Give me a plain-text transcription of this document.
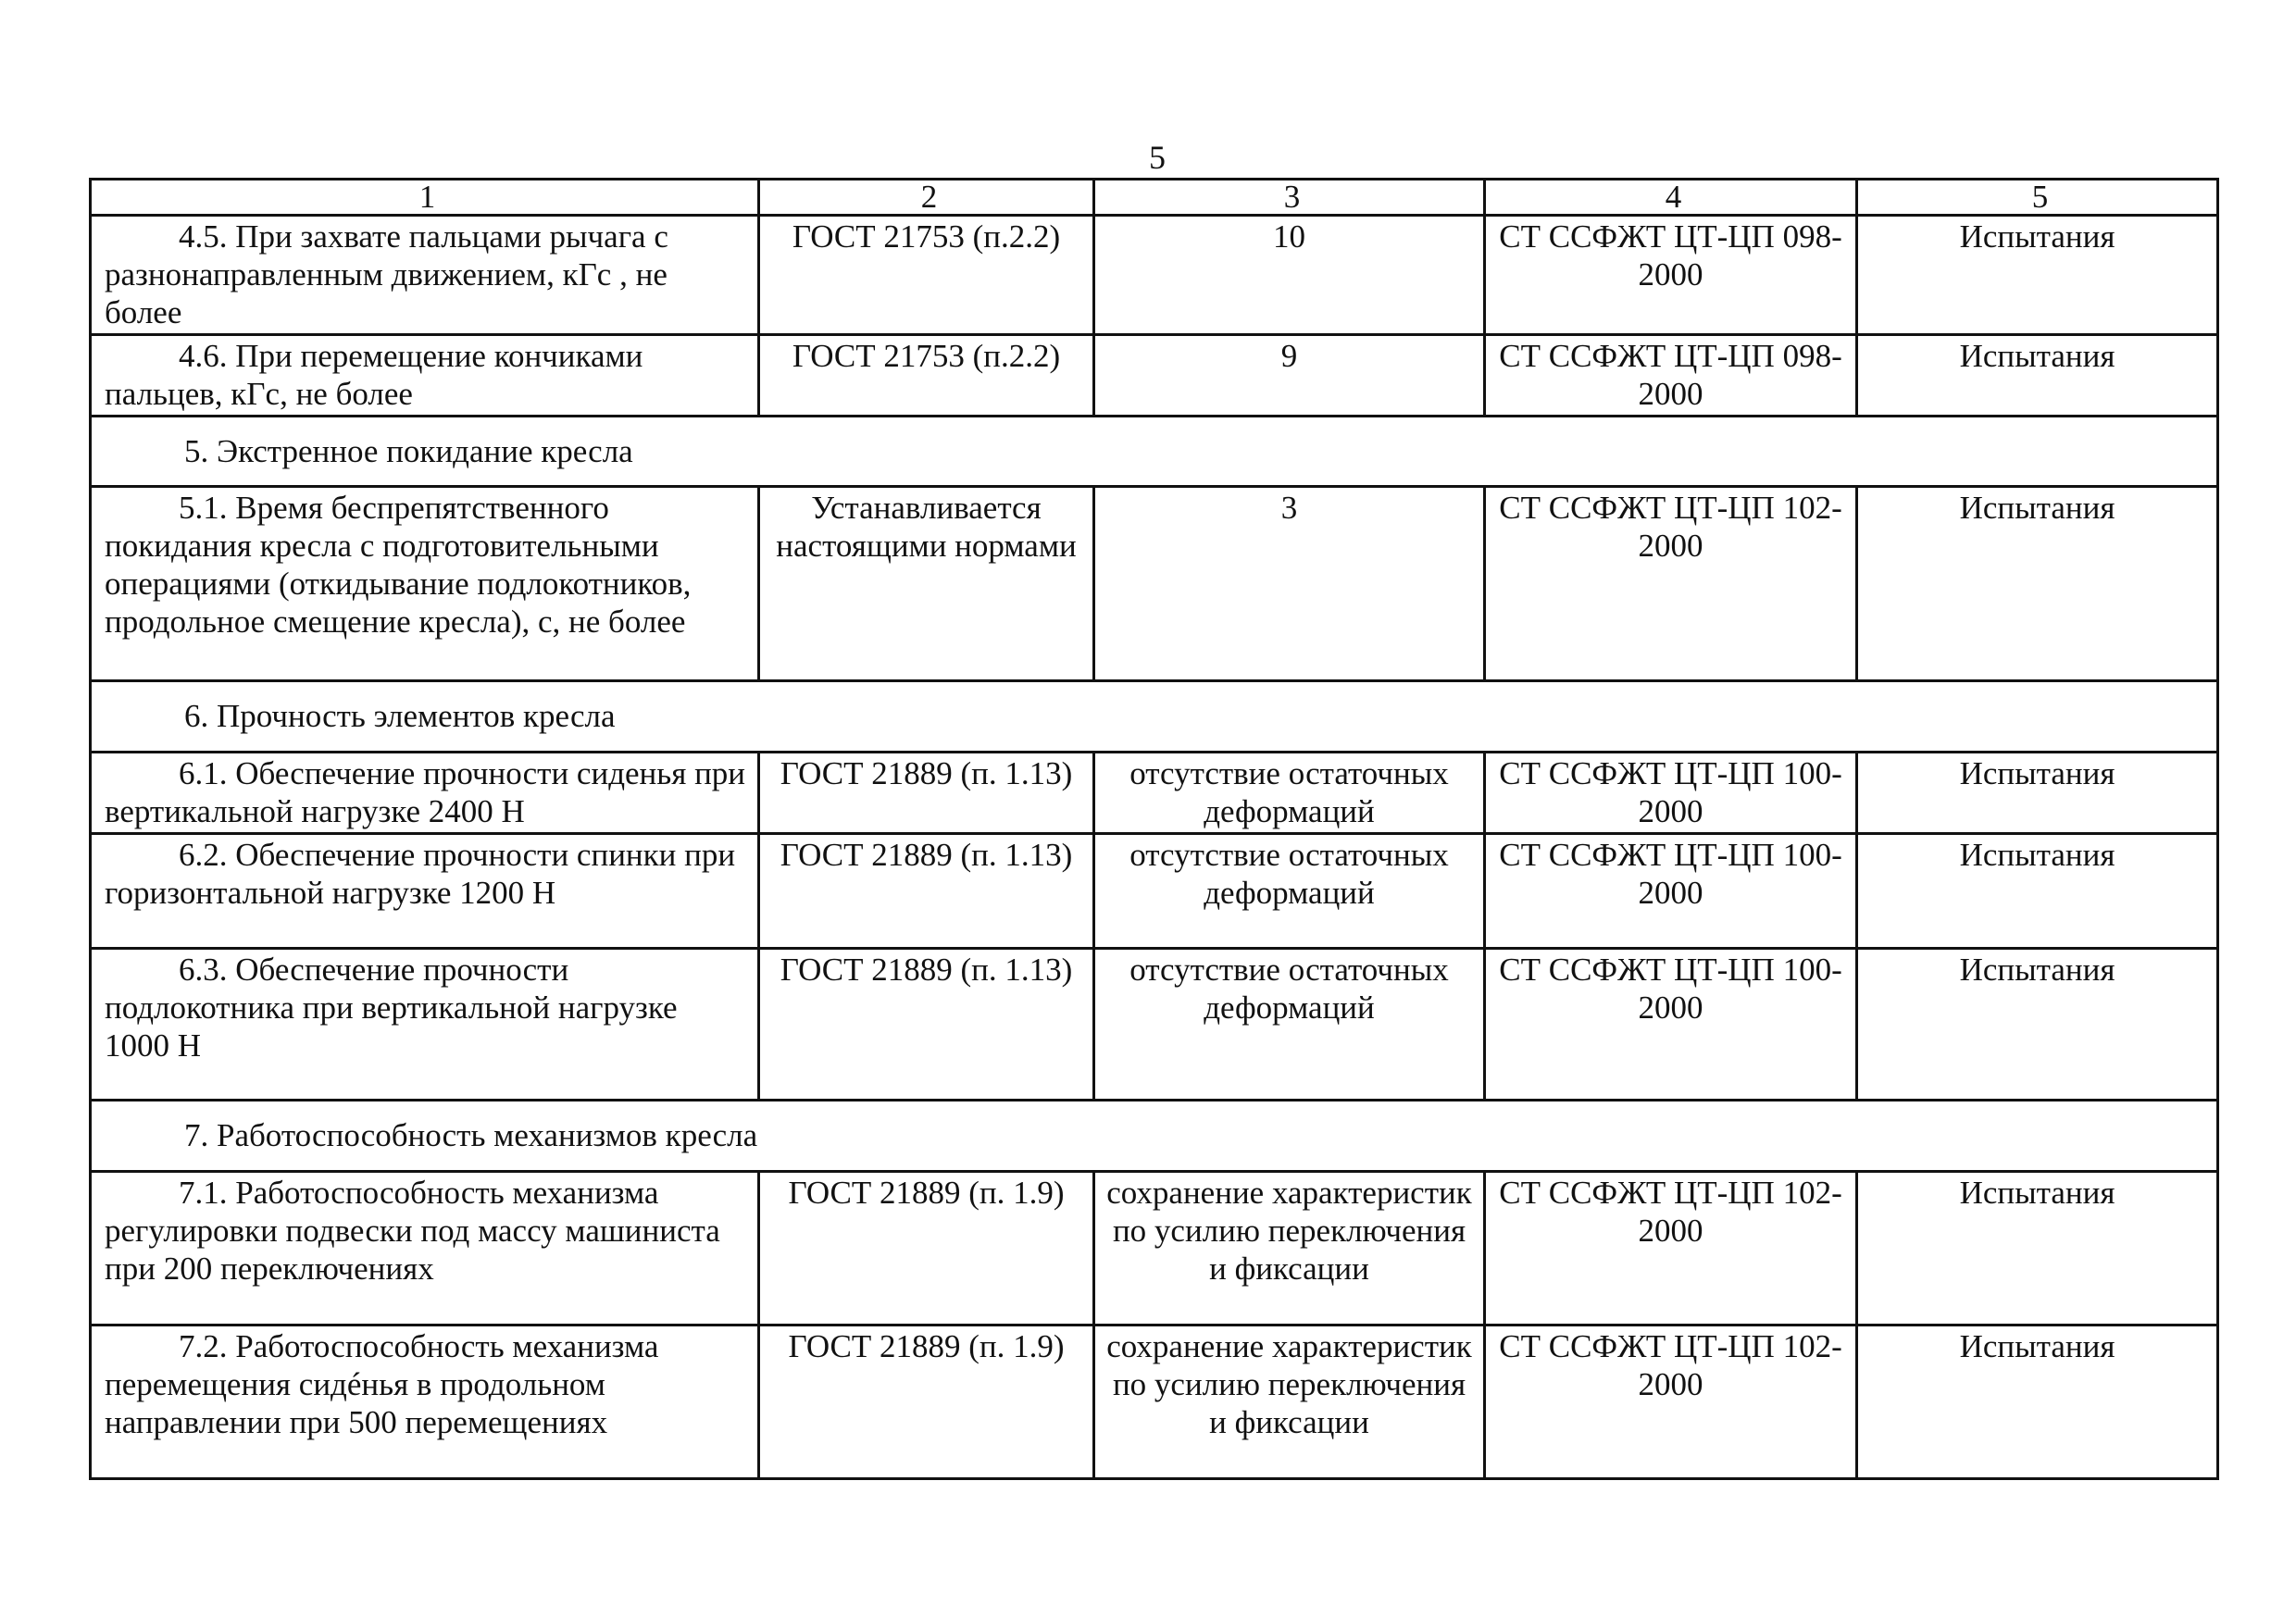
5
1	2	3	4	5
4.5. При захвате пальцами рычага с разнонаправленным движением, кГс , не более	ГОСТ 21753 (п.2.2)	10	СТ ССФЖТ ЦТ-ЦП 098-2000	Испытания
4.6. При перемещение кончиками пальцев, кГс, не более	ГОСТ 21753 (п.2.2)	9	СТ ССФЖТ ЦТ-ЦП 098-2000	Испытания
5. Экстренное покидание кресла				
5.1. Время беспрепятственного покидания кресла с подготовительными операциями (откидывание подлокотников, продольное смещение кресла), с, не более	Устанавливается настоящими нормами	3	СТ ССФЖТ ЦТ-ЦП 102-2000	Испытания
6. Прочность элементов кресла				
6.1. Обеспечение прочности сиденья при вертикальной нагрузке 2400 Н	ГОСТ 21889 (п. 1.13)	отсутствие остаточных деформаций	СТ ССФЖТ ЦТ-ЦП 100-2000	Испытания
6.2. Обеспечение прочности спинки при горизонтальной нагрузке 1200 Н	ГОСТ 21889 (п. 1.13)	отсутствие остаточных деформаций	СТ ССФЖТ ЦТ-ЦП 100-2000	Испытания
6.3. Обеспечение прочности подлокотника при вертикальной нагрузке 1000 Н	ГОСТ 21889 (п. 1.13)	отсутствие остаточных деформаций	СТ ССФЖТ ЦТ-ЦП 100-2000	Испытания
7. Работоспособность механизмов кресла				
7.1. Работоспособность механизма регулировки подвески под массу машиниста при 200 переключениях	ГОСТ 21889 (п. 1.9)	сохранение характеристик по усилию переключения и фиксации	СТ ССФЖТ ЦТ-ЦП 102-2000	Испытания
7.2. Работоспособность механизма перемещения сидéнья в продольном направлении при 500 перемещениях	ГОСТ 21889 (п. 1.9)	сохранение характеристик по усилию переключения и фиксации	СТ ССФЖТ ЦТ-ЦП 102-2000	Испытания
